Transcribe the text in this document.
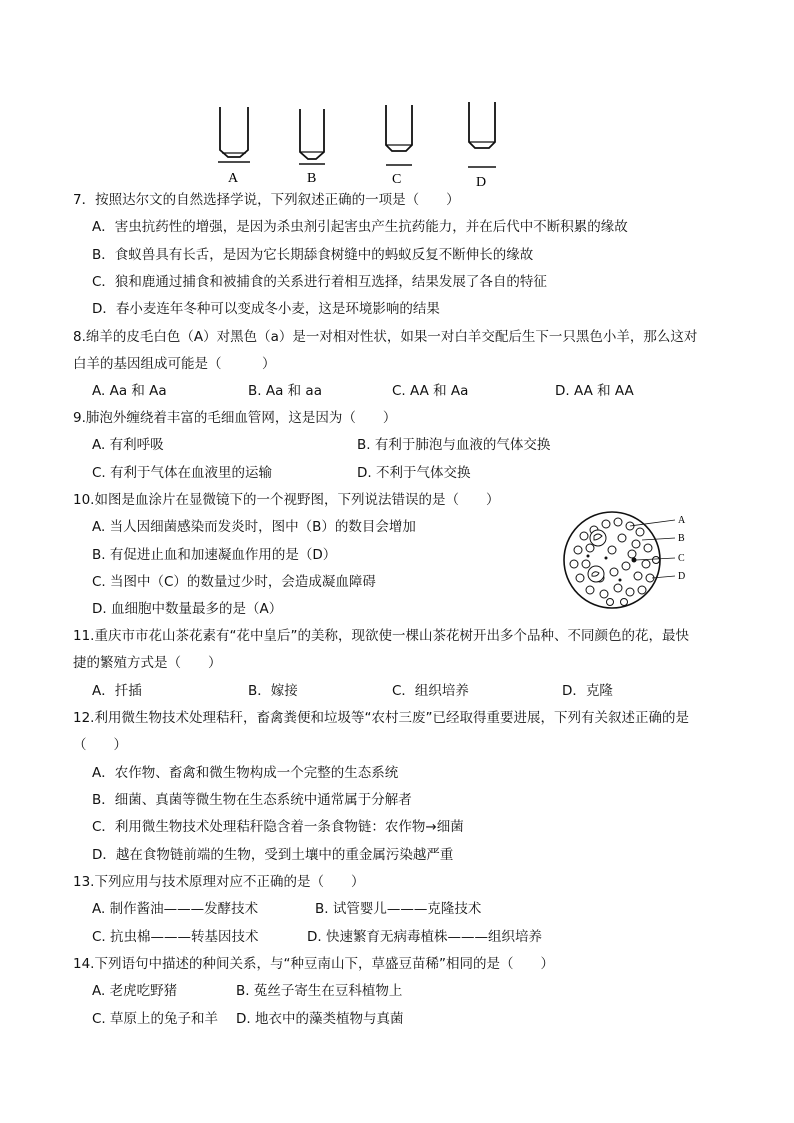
A	B	C	D
7．按照达尔文的自然选择学说，下列叙述正确的一项是（　　）
A．害虫抗药性的增强，是因为杀虫剂引起害虫产生抗药能力，并在后代中不断积累的缘故
B．食蚁兽具有长舌，是因为它长期舔食树缝中的蚂蚁反复不断伸长的缘故
C．狼和鹿通过捕食和被捕食的关系进行着相互选择，结果发展了各自的特征
D．春小麦连年冬种可以变成冬小麦，这是环境影响的结果
8.绵羊的皮毛白色（A）对黑色（a）是一对相对性状，如果一对白羊交配后生下一只黑色小羊，那么这对
白羊的基因组成可能是（　　　）
A. Aa 和 Aa	B. Aa 和 aa	C. AA 和 Aa	D. AA 和 AA
9.肺泡外缠绕着丰富的毛细血管网，这是因为（　　）
A. 有利呼吸	B. 有利于肺泡与血液的气体交换
C. 有利于气体在血液里的运输	D. 不利于气体交换
10.如图是血涂片在显微镜下的一个视野图，下列说法错误的是（　　）
A. 当人因细菌感染而发炎时，图中（B）的数目会增加
B. 有促进止血和加速凝血作用的是（D）
C. 当图中（C）的数量过少时，会造成凝血障碍
D. 血细胞中数量最多的是（A）
A
B
C
D
11.重庆市市花山茶花素有“花中皇后”的美称，现欲使一棵山茶花树开出多个品种、不同颜色的花，最快
捷的繁殖方式是（　　）
A．扦插	B．嫁接	C．组织培养	D．克隆
12.利用微生物技术处理秸秆，畜禽粪便和垃圾等“农村三废”已经取得重要进展，下列有关叙述正确的是
（　　）
A．农作物、畜禽和微生物构成一个完整的生态系统
B．细菌、真菌等微生物在生态系统中通常属于分解者
C．利用微生物技术处理秸秆隐含着一条食物链：农作物→细菌
D．越在食物链前端的生物，受到土壤中的重金属污染越严重
13.下列应用与技术原理对应不正确的是（　　）
A. 制作酱油———发酵技术	B. 试管婴儿———克隆技术
C. 抗虫棉———转基因技术	D. 快速繁育无病毒植株———组织培养
14.下列语句中描述的种间关系，与“种豆南山下，草盛豆苗稀”相同的是（　　）
A. 老虎吃野猪	B. 菟丝子寄生在豆科植物上
C. 草原上的兔子和羊 D. 地衣中的藻类植物与真菌
